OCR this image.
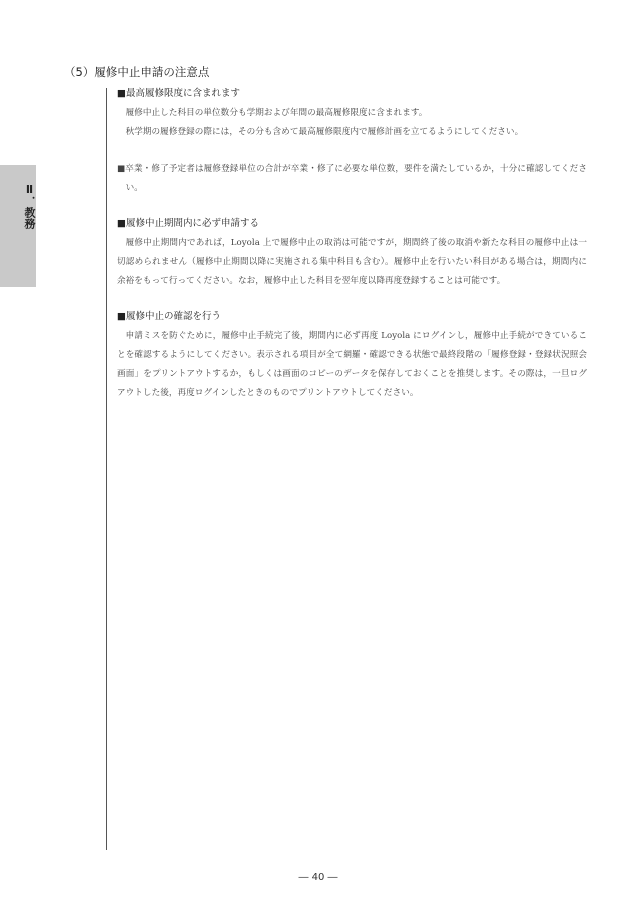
Ⅱ．教務
（5）履修中止申請の注意点
■最高履修限度に含まれます
履修中止した科目の単位数分も学期および年間の最高履修限度に含まれます。
秋学期の履修登録の際には，その分も含めて最高履修限度内で履修計画を立てるようにしてください。
■卒業・修了予定者は履修登録単位の合計が卒業・修了に必要な単位数，要件を満たしているか，十分に確認してください。
■履修中止期間内に必ず申請する
履修中止期間内であれば，Loyola 上で履修中止の取消は可能ですが，期間終了後の取消や新たな科目の履修中止は一切認められません（履修中止期間以降に実施される集中科目も含む）。履修中止を行いたい科目がある場合は，期間内に余裕をもって行ってください。なお，履修中止した科目を翌年度以降再度登録することは可能です。
■履修中止の確認を行う
申請ミスを防ぐために，履修中止手続完了後，期間内に必ず再度 Loyola にログインし，履修中止手続ができていることを確認するようにしてください。表示される項目が全て網羅・確認できる状態で最終段階の「履修登録・登録状況照会画面」をプリントアウトするか，もしくは画面のコピーのデータを保存しておくことを推奨します。その際は，一旦ログアウトした後，再度ログインしたときのものでプリントアウトしてください。
― 40 ―
